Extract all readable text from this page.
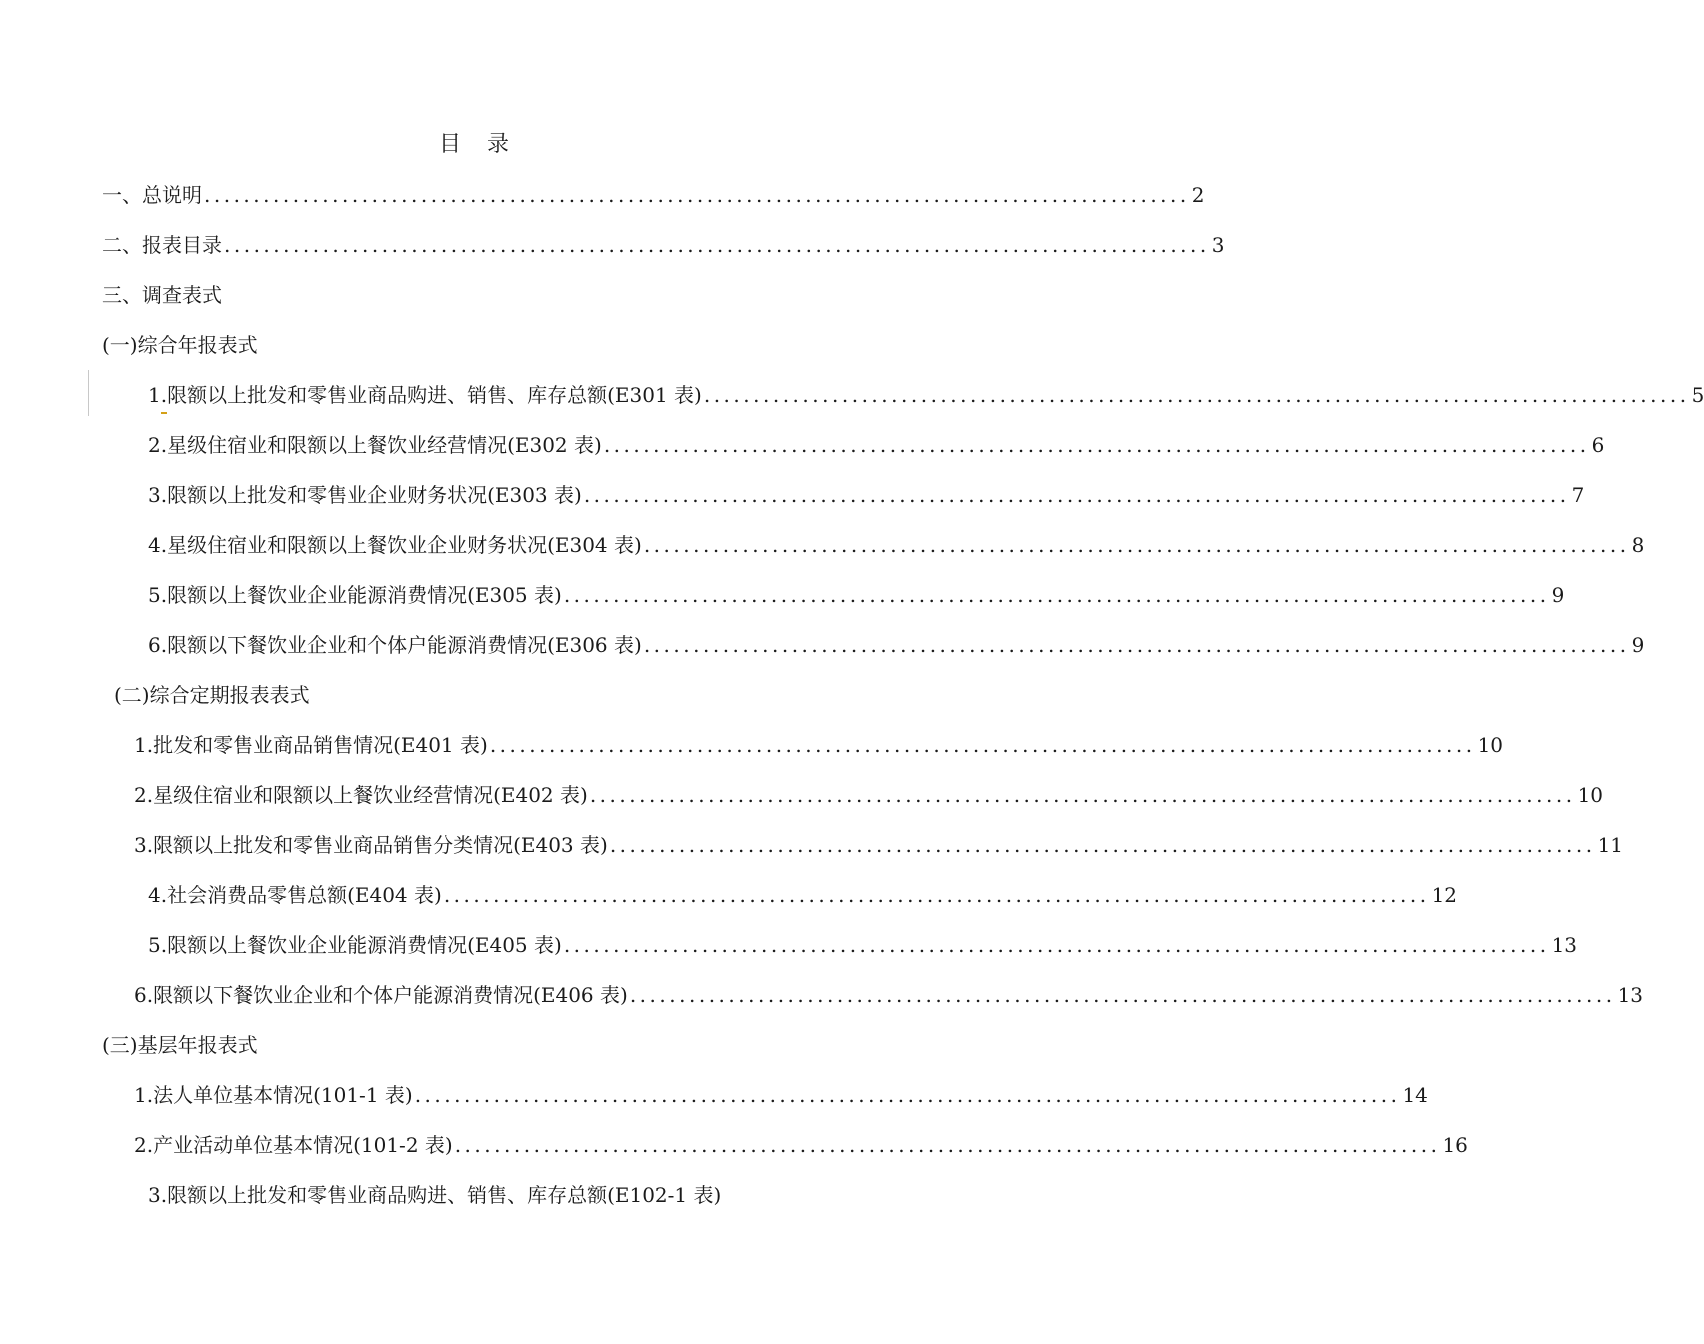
目 录
一、总说明 .................................................................................................... 2
二、报表目录 .................................................................................................... 3
三、调查表式
(一)综合年报表式
1.限额以上批发和零售业商品购进、销售、库存总额(E301 表) .................................................................................................... 5
2.星级住宿业和限额以上餐饮业经营情况(E302 表) .................................................................................................... 6
3.限额以上批发和零售业企业财务状况(E303 表) .................................................................................................... 7
4.星级住宿业和限额以上餐饮业企业财务状况(E304 表) .................................................................................................... 8
5.限额以上餐饮业企业能源消费情况(E305 表) .................................................................................................... 9
6.限额以下餐饮业企业和个体户能源消费情况(E306 表) .................................................................................................... 9
(二)综合定期报表表式
1.批发和零售业商品销售情况(E401 表) .................................................................................................... 10
2.星级住宿业和限额以上餐饮业经营情况(E402 表) .................................................................................................... 10
3.限额以上批发和零售业商品销售分类情况(E403 表) .................................................................................................... 11
4.社会消费品零售总额(E404 表) .................................................................................................... 12
5.限额以上餐饮业企业能源消费情况(E405 表) .................................................................................................... 13
6.限额以下餐饮业企业和个体户能源消费情况(E406 表) .................................................................................................... 13
(三)基层年报表式
1.法人单位基本情况(101-1 表) .................................................................................................... 14
2.产业活动单位基本情况(101-2 表) .................................................................................................... 16
3.限额以上批发和零售业商品购进、销售、库存总额(E102-1 表)
